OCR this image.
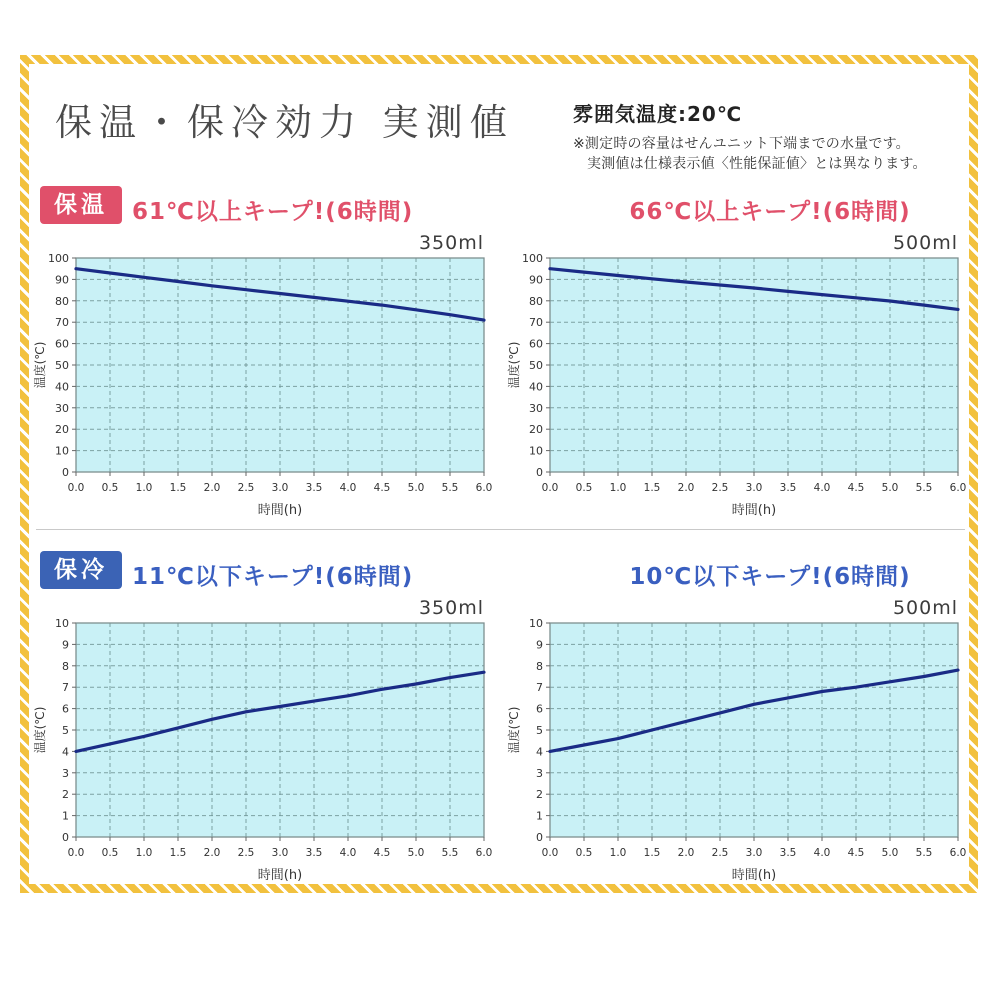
保温・保冷効力 実測値	雰囲気温度:20℃
※測定時の容量はせんユニット下端までの水量です。
実測値は仕様表示値〈性能保証値〉とは異なります。
保温	61℃以上キープ!(6時間)	66℃以上キープ!(6時間)
350ml
100
90
80
70
60
50
40
30
20
10
0
0.0 0.5 1.0 1.5 2.0 2.5 3.0 3.5 4.0 4.5 5.0 5.5 6.0
時間(h)
温度(℃)
500ml
100
90
80
70
60
50
40
30
20
10
0
0.0 0.5 1.0 1.5 2.0 2.5 3.0 3.5 4.0 4.5 5.0 5.5 6.0
時間(h)
温度(℃)
保冷	11℃以下キープ!(6時間)	10℃以下キープ!(6時間)
350ml
10
9
8
7
6
5
4
3
2
1
0
0.0 0.5 1.0 1.5 2.0 2.5 3.0 3.5 4.0 4.5 5.0 5.5 6.0
時間(h)
温度(℃)
500ml
10
9
8
7
6
5
4
3
2
1
0
0.0 0.5 1.0 1.5 2.0 2.5 3.0 3.5 4.0 4.5 5.0 5.5 6.0
時間(h)
温度(℃)
